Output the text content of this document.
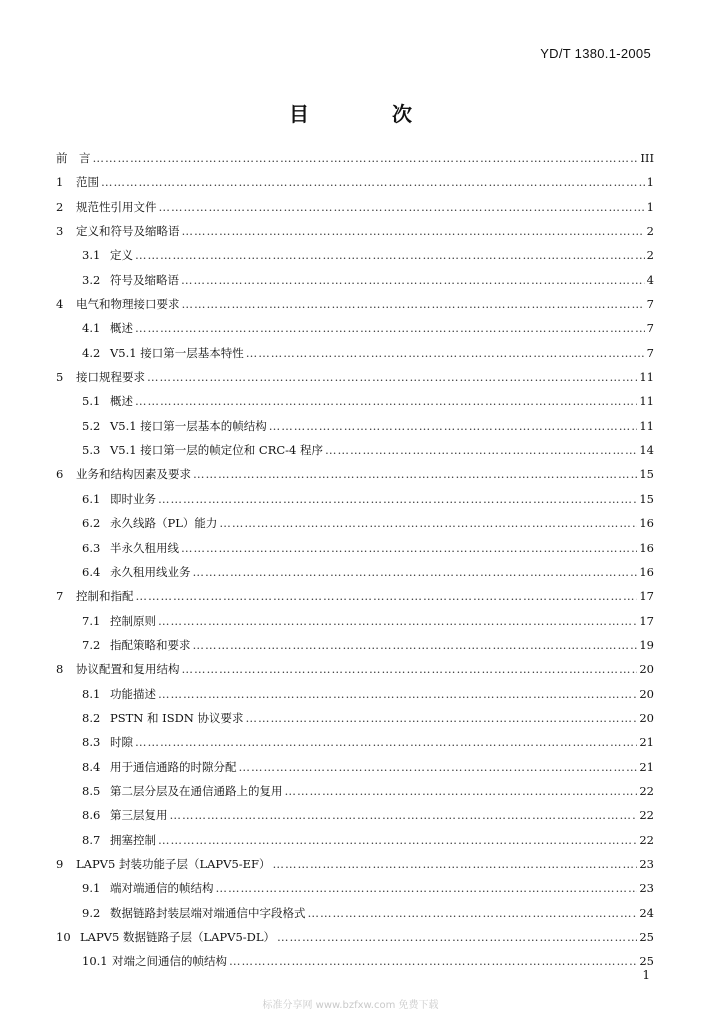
YD/T 1380.1-2005
目 次
前　言 ………………………………………………………………………………………………………………………………………………………………………………………………………………………………	III
1	范围 ………………………………………………………………………………………………………………………………………………………………………………………………………………………………	1
2	规范性引用文件 ………………………………………………………………………………………………………………………………………………………………………………………………………………………………	1
3	定义和符号及缩略语 ………………………………………………………………………………………………………………………………………………………………………………………………………………………………	2
3.1 定义 ………………………………………………………………………………………………………………………………………………………………………………………………………………………………	2
3.2 符号及缩略语 ………………………………………………………………………………………………………………………………………………………………………………………………………………………………	4
4	电气和物理接口要求 ………………………………………………………………………………………………………………………………………………………………………………………………………………………………	7
4.1 概述 ………………………………………………………………………………………………………………………………………………………………………………………………………………………………	7
4.2 V5.1 接口第一层基本特性 ………………………………………………………………………………………………………………………………………………………………………………………………………………………………	7
5	接口规程要求 ………………………………………………………………………………………………………………………………………………………………………………………………………………………………	11
5.1 概述 ………………………………………………………………………………………………………………………………………………………………………………………………………………………………	11
5.2 V5.1 接口第一层基本的帧结构 ………………………………………………………………………………………………………………………………………………………………………………………………………………………………	11
5.3 V5.1 接口第一层的帧定位和 CRC-4 程序 ………………………………………………………………………………………………………………………………………………………………………………………………………………………………	14
6	业务和结构因素及要求 ………………………………………………………………………………………………………………………………………………………………………………………………………………………………	15
6.1 即时业务 ………………………………………………………………………………………………………………………………………………………………………………………………………………………………	15
6.2 永久线路（PL）能力 ………………………………………………………………………………………………………………………………………………………………………………………………………………………………	16
6.3 半永久租用线 ………………………………………………………………………………………………………………………………………………………………………………………………………………………………	16
6.4 永久租用线业务 ………………………………………………………………………………………………………………………………………………………………………………………………………………………………	16
7	控制和指配 ………………………………………………………………………………………………………………………………………………………………………………………………………………………………	17
7.1 控制原则 ………………………………………………………………………………………………………………………………………………………………………………………………………………………………	17
7.2 指配策略和要求 ………………………………………………………………………………………………………………………………………………………………………………………………………………………………	19
8	协议配置和复用结构 ………………………………………………………………………………………………………………………………………………………………………………………………………………………………	20
8.1 功能描述 ………………………………………………………………………………………………………………………………………………………………………………………………………………………………	20
8.2 PSTN 和 ISDN 协议要求 ………………………………………………………………………………………………………………………………………………………………………………………………………………………………	20
8.3 时隙 ………………………………………………………………………………………………………………………………………………………………………………………………………………………………	21
8.4 用于通信通路的时隙分配 ………………………………………………………………………………………………………………………………………………………………………………………………………………………………	21
8.5 第二层分层及在通信通路上的复用 ………………………………………………………………………………………………………………………………………………………………………………………………………………………………	22
8.6 第三层复用 ………………………………………………………………………………………………………………………………………………………………………………………………………………………………	22
8.7 拥塞控制 ………………………………………………………………………………………………………………………………………………………………………………………………………………………………	22
9	LAPV5 封装功能子层（LAPV5-EF） ………………………………………………………………………………………………………………………………………………………………………………………………………………………………	23
9.1 端对端通信的帧结构 ………………………………………………………………………………………………………………………………………………………………………………………………………………………………	23
9.2 数据链路封装层端对端通信中字段格式 ………………………………………………………………………………………………………………………………………………………………………………………………………………………………	24
10 LAPV5 数据链路子层（LAPV5-DL） ………………………………………………………………………………………………………………………………………………………………………………………………………………………………	25
10.1 对端之间通信的帧结构 ………………………………………………………………………………………………………………………………………………………………………………………………………………………………	25
1
标准分享网 www.bzfxw.com 免费下载
